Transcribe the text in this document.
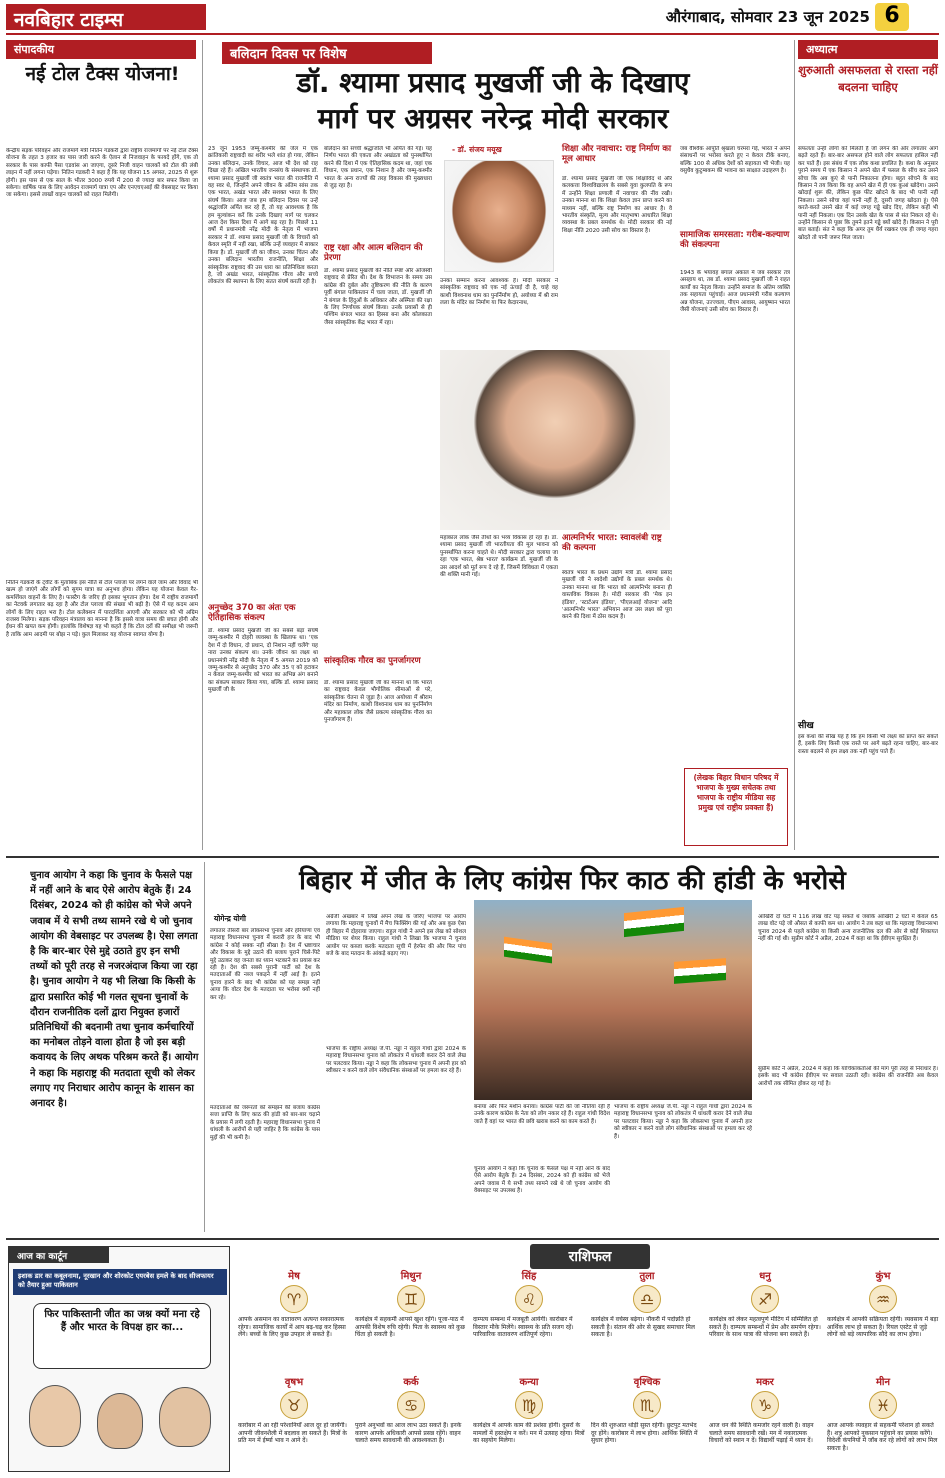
नवबिहार टाइम्स	औरंगाबाद, सोमवार 23 जून 2025 6
संपादकीय
नई टोल टैक्स योजना!
केन्द्रीय सड़क परिवहन और राजमार्ग मंत्री नितिन गडकरी द्वारा राष्ट्रीय राजमार्गों पर नई टोल टैक्स योजना के तहत 3 हजार का पास जारी करने के ऐलान से निजवाहन के फायदे होंगे, एक तो सरकार के पास काफी पैसा एडवांस आ जाएगा, दूसरे निजी वाहन चालकों को टोल की लंबी लाइन में नहीं लगना पड़ेगा। नितिन गडकरी ने कहा है कि यह योजना 15 अगस्त, 2025 से शुरू होगी। इस पास से एक साल के भीतर 3000 रुपये में 200 से ज्यादा बार सफर किया जा सकेगा। वार्षिक पास के लिए आवेदन राजमार्ग यात्रा एप और एनएचएआई की वेबसाइट पर किया जा सकेगा। इससे लाखों वाहन चालकों को राहत मिलेगी।
नितिन गडकरी के ट्वीट के मुताबिक इस नीति से टोल प्लाजा पर लगने वाले जाम और विवाद भी खत्म हो जाएंगे और लोगों को सुगम यात्रा का अनुभव होगा। लेकिन यह योजना केवल गैर-कमर्शियल वाहनों के लिए है। फास्टैग के जरिए ही इसका भुगतान होगा। देश में राष्ट्रीय राजमार्गों का नेटवर्क लगातार बढ़ रहा है और टोल प्लाजा की संख्या भी बढ़ी है। ऐसे में यह कदम आम लोगों के लिए राहत भरा है। टोल कलेक्शन में पारदर्शिता आएगी और सरकार को भी अग्रिम राजस्व मिलेगा। सड़क परिवहन मंत्रालय का मानना है कि इससे यात्रा समय की बचत होगी और ईंधन की खपत कम होगी। हालांकि विशेषज्ञ यह भी कहते हैं कि टोल दरों की समीक्षा भी जरूरी है ताकि आम आदमी पर बोझ न पड़े। कुल मिलाकर यह योजना स्वागत योग्य है।
बलिदान दिवस पर विशेष
डॉ. श्यामा प्रसाद मुखर्जी जी के दिखाए
मार्ग पर अग्रसर नरेन्द्र मोदी सरकार
23 जून 1953 जम्मू-कश्मीर की जेल में एक क्रांतिकारी राष्ट्रवादी का शरीर भले शांत हो गया, लेकिन उनका बलिदान, उनके विचार, आज भी देश को राह दिखा रहे हैं। अखिल भारतीय जनसंघ के संस्थापक डॉ. श्यामा प्रसाद मुखर्जी जी स्वतंत्र भारत की राजनीति में वह स्वर थे, जिन्होंने अपने जीवन के अंतिम सांस तक एक भारत, अखंड भारत और सशक्त भारत के लिए संघर्ष किया। आज जब हम बलिदान दिवस पर उन्हें श्रद्धांजलि अर्पित कर रहे हैं, तो यह आवश्यक है कि हम मूल्यांकन करें कि उनके दिखाए मार्ग पर चलकर आज देश किस दिशा में आगे बढ़ रहा है। पिछले 11 वर्षों में प्रधानमंत्री नरेंद्र मोदी के नेतृत्व में भाजपा सरकार ने डॉ. श्यामा प्रसाद मुखर्जी जी के विचारों को केवल स्मृति में नहीं रखा, बल्कि उन्हें व्यवहार में साकार किया है। डॉ. मुखर्जी जी का जीवन, उनका चिंतन और उनका बलिदान भारतीय राजनीति, शिक्षा और सांस्कृतिक राष्ट्रवाद की उस धारा का प्रतिनिधित्व करता है, जो अखंड भारत, सांस्कृतिक गौरव और सच्चे लोकतंत्र की स्थापना के लिए सतत संघर्ष करती रही है।
अनुच्छेद 370 का अंतः एक ऐतिहासिक संकल्प
डॉ. श्यामा प्रसाद मुखर्जी जी का सबसे बड़ा संघर्ष जम्मू-कश्मीर में दोहरी व्यवस्था के खिलाफ था। 'एक देश में दो विधान, दो प्रधान, दो निशान नहीं चलेंगे' यह नारा उनका संकल्प था। उनके जीवन का लक्ष्य था प्रधानमंत्री नरेंद्र मोदी के नेतृत्व में 5 अगस्त 2019 को जम्मू-कश्मीर से अनुच्छेद 370 और 35 ए को हटाकर न केवल जम्मू-कश्मीर को भारत का अभिन्न अंग बनाने का संकल्प साकार किया गया, बल्कि डॉ. श्यामा प्रसाद मुखर्जी जी के
बलिदान को सच्ची श्रद्धांजलि भी अर्पित की गई। यह निर्णय भारत की एकता और अखंडता को पुनर्स्थापित करने की दिशा में एक ऐतिहासिक कदम था, जहां एक विधान, एक प्रधान, एक निशान है और जम्मू-कश्मीर भारत के अन्य राज्यों की तरह विकास की मुख्यधारा से जुड़ रहा है।
राष्ट्र रक्षा और आत्म बलिदान की प्रेरणा
डॉ. श्यामा प्रसाद मुखर्जी की नीति स्पष्ट और ओजस्वी राष्ट्रवाद से प्रेरित थी। देश के विभाजन के समय उस कांग्रेस की दुर्बल और तुष्टिकरण की नीति के कारण पूर्वी बंगाल पाकिस्तान में चला जाता, डॉ. मुखर्जी जी ने बंगाल के हिंदुओं के अधिकार और अस्मिता की रक्षा के लिए निर्णायक संघर्ष किया। उनके प्रयासों से ही पश्चिम बंगाल भारत का हिस्सा बना और कोलकाता जैसा सांस्कृतिक केंद्र भारत में रहा।
सांस्कृतिक गौरव का पुनर्जागरण
डॉ. श्यामा प्रसाद मुखर्जी जी का मानना था कि भारत का राष्ट्रवाद केवल भौगोलिक सीमाओं से परे, सांस्कृतिक चेतना से जुड़ा है। आज अयोध्या में श्रीराम मंदिर का निर्माण, काशी विश्वनाथ धाम का पुनर्निर्माण और महाकाल लोक जैसे प्रकल्प सांस्कृतिक गौरव का पुनर्जागरण हैं।
- डॉ. संजय मयूख
उनका सम्मान करना आवश्यक है। मोदी सरकार ने सांस्कृतिक राष्ट्रवाद को एक नई ऊंचाई दी है, चाहे वह काशी विश्वनाथ धाम का पुनर्निर्माण हो, अयोध्या में श्री राम लला के मंदिर का निर्माण या फिर केदारनाथ,
शिक्षा और नवाचार: राष्ट्र निर्माण का मूल आधार
डॉ. श्यामा प्रसाद मुखर्जी जी एक शिक्षाविद थे और कलकत्ता विश्वविद्यालय के सबसे युवा कुलपति के रूप में उन्होंने शिक्षा प्रणाली में नवाचार की नींव रखी। उनका मानना था कि शिक्षा केवल ज्ञान प्राप्त करने का माध्यम नहीं, बल्कि राष्ट्र निर्माण का आधार है। वे भारतीय संस्कृति, मूल्य और मातृभाषा आधारित शिक्षा व्यवस्था के प्रबल समर्थक थे। मोदी सरकार की नई शिक्षा नीति 2020 उसी सोच का विस्तार है।
महाकाल लोक जैसे तीर्थों का भव्य विकास हो रहा है। डॉ. श्यामा प्रसाद मुखर्जी जी भारतीयता की मूल भावना को पुनर्स्थापित करना चाहते थे। मोदी सरकार द्वारा चलाया जा रहा 'एक भारत, श्रेष्ठ भारत' कार्यक्रम डॉ. मुखर्जी जी के उस आदर्श को मूर्त रूप दे रहे हैं, जिसमें विविधता में एकता की शक्ति मानी गई।
आत्मनिर्भर भारत: स्वावलंबी राष्ट्र की कल्पना
स्वतंत्र भारत के प्रथम उद्योग मंत्री डॉ. श्यामा प्रसाद मुखर्जी जी ने स्वदेशी उद्योगों के प्रबल समर्थक थे। उनका मानना था कि भारत को आत्मनिर्भर बनाना ही वास्तविक विकास है। मोदी सरकार की 'मेक इन इंडिया', 'स्टार्टअप इंडिया', 'पीएलआई योजना' आदि 'आत्मनिर्भर भारत' अभियान आज उस लक्ष्य को पूरा करने की दिशा में ठोस कदम हैं।
जब वैश्विक आपूर्ति श्रृंखला चरमरा गई, भारत ने अपने संसाधनों पर भरोसा करते हुए न केवल टीके बनाए, बल्कि 100 से अधिक देशों को सहायता भी भेजी। यह वसुधैव कुटुम्बकम की भावना का साक्षात उदाहरण है।
सामाजिक समरसता: गरीब-कल्याण की संकल्पना
1943 के भयावह बंगाल अकाल में जब सरकार तंत्र असहाय था, तब डॉ. श्यामा प्रसाद मुखर्जी जी ने राहत कार्यों का नेतृत्व किया। उन्होंने समाज के अंतिम व्यक्ति तक सहायता पहुंचाई। आज प्रधानमंत्री गरीब कल्याण अन्न योजना, उज्ज्वला, पीएम आवास, आयुष्मान भारत जैसी योजनाएं उसी सोच का विस्तार हैं।
(लेखक बिहार विधान परिषद में भाजपा के मुख्य सचेतक तथा भाजपा के राष्ट्रीय मीडिया सह प्रमुख एवं राष्ट्रीय प्रवक्ता हैं)
अध्यात्म
शुरुआती असफलता से रास्ता नहीं बदलना चाहिए
सफलता उन्हीं लोगों को मिलती है जो लगन की ओर लगातार आगे बढ़ते रहते हैं। बार-बार असफल होने वाले लोग सफलता हासिल नहीं कर पाते हैं। इस संबंध में एक लोक कथा प्रचलित है। कथा के अनुसार पुराने समय में एक किसान ने अपने खेत में फसल के सींच कर उसने सोचा कि अब कुएं से पानी निकालना होगा। बहुत सोचने के बाद किसान ने तय किया कि वह अपने खेत में ही एक कुआं खोदेगा। उसने खोदाई शुरू की, लेकिन कुछ फीट खोदने के बाद भी पानी नहीं निकला। उसने सोचा यहां पानी नहीं है, दूसरी जगह खोदता हूं। ऐसे करते-करते उसने खेत में कई जगह गड्ढे खोद दिए, लेकिन कहीं भी पानी नहीं निकला। एक दिन उसके खेत के पास से संत निकल रहे थे। उन्होंने किसान से पूछा कि तुमने इतने गड्ढे क्यों खोदे हैं। किसान ने पूरी बात बताई। संत ने कहा कि अगर तुम धैर्य रखकर एक ही जगह गहरा खोदते तो पानी जरूर मिल जाता।
सीख
इस कथा की सीख यह है कि हम किसी भी लक्ष्य को प्राप्त कर सकते हैं, इसके लिए किसी एक रास्ते पर आगे बढ़ते रहना चाहिए, बार-बार रास्ता बदलने से हम लक्ष्य तक नहीं पहुंच पाते हैं।
चुनाव आयोग ने कहा कि चुनाव के फैसले पक्ष में नहीं आने के बाद ऐसे आरोप बेतुके हैं। 24 दिसंबर, 2024 को ही कांग्रेस को भेजे अपने जवाब में ये सभी तथ्य सामने रखे थे जो चुनाव आयोग की वेबसाइट पर उपलब्ध है। ऐसा लगता है कि बार-बार ऐसे मुद्दे उठाते हुए इन सभी तथ्यों को पूरी तरह से नजरअंदाज किया जा रहा है। चुनाव आयोग ने यह भी लिखा कि किसी के द्वारा प्रसारित कोई भी गलत सूचना चुनावों के दौरान राजनीतिक दलों द्वारा नियुक्त हजारों प्रतिनिधियों की बदनामी तथा चुनाव कर्मचारियों का मनोबल तोड़ने वाला होता है जो इस बड़ी कवायद के लिए अथक परिश्रम करते हैं। आयोग ने कहा कि महाराष्ट्र की मतदाता सूची को लेकर लगाए गए निराधार आरोप कानून के शासन का अनादर है।
बिहार में जीत के लिए कांग्रेस फिर काठ की हांडी के भरोसे
योगेन्द्र योगी
लगातार तीसरी बार लोकसभा चुनाव और हरियाणा एवं महाराष्ट्र विधानसभा चुनाव में करारी हार के बाद भी कांग्रेस ने कोई सबक नहीं सीखा है। देश में भ्रष्टाचार और विकास के मुद्दे उठाने की बजाय पुराने घिसे-पिटे मुद्दे उठाकर वह जनता का ध्यान भटकाने का प्रयास कर रही है। देश की सबसे पुरानी पार्टी को देश के मतदाताओं की नब्ज पकड़ने में नहीं आई है। इतने चुनाव हारने के बाद भी कांग्रेस को यह समझ नहीं आया कि वोटर देश के मतदाता पर भरोसा क्यों नहीं कर रहे।
मतदाताओं की जरूरतों को समझने की बजाय कांग्रेस सत्ता प्राप्ति के लिए काठ की हांडी को बार-बार चढ़ाने के प्रयास में लगी रहती है। महाराष्ट्र विधानसभा चुनाव में धांधली के आरोपों से यही जाहिर है कि कांग्रेस के पास मुद्दों की भी कमी है।
अंग्रेजी अखबार में लिखे अपने लेख के जरिए भाजपा पर आरोप लगाया कि महाराष्ट्र चुनावों में मैच फिक्सिंग की गई और अब कुछ ऐसा ही बिहार में दोहराया जाएगा। राहुल गांधी ने अपने इस लेख को सोशल मीडिया पर शेयर किया। राहुल गांधी ने लिखा कि भाजपा ने चुनाव आयोग पर कब्जा करके मतदाता सूची में हेरफेर की और फिर पांच बजे के बाद मतदान के आंकड़े बढ़ाए गए।
भाजपा के राष्ट्रीय अध्यक्ष जे.पी. नड्डा ने राहुल गांधी द्वारा 2024 के महाराष्ट्र विधानसभा चुनाव को लोकतंत्र में धांधली करार देने वाले लेख पर पलटवार किया। नड्डा ने कहा कि लोकसभा चुनाव में अपनी हार को स्वीकार न करने वाले लोग संवैधानिक संस्थाओं पर हमला कर रहे हैं।
बनाया और फिर मशीन बनाया। कांग्रेस पार्टी की जो नीतियां रही हैं उनके कारण कांग्रेस के नेता को लोग नकार रहे हैं। राहुल गांधी विदेश जाते हैं वहां पर भारत की छवि खराब करने का काम करते हैं।
चुनाव आयोग ने कहा कि चुनाव के फैसले पक्ष में नहीं आने के बाद ऐसे आरोप बेतुके हैं। 24 दिसंबर, 2024 को ही कांग्रेस को भेजे अपने जवाब में ये सभी तथ्य सामने रखे थे जो चुनाव आयोग की वेबसाइट पर उपलब्ध है।
भाजपा के राष्ट्रीय अध्यक्ष जे.पी. नड्डा ने राहुल गांधी द्वारा 2024 के महाराष्ट्र विधानसभा चुनाव को लोकतंत्र में धांधली करार देने वाले लेख पर पलटवार किया। नड्डा ने कहा कि लोकसभा चुनाव में अपनी हार को स्वीकार न करने वाले लोग संवैधानिक संस्थाओं पर हमला कर रहे हैं।
आखिरी दो घंटों में 116 लाख वोट पड़ सकते थे जबकि आखिरी 2 घंटों में केवल 65 लाख वोट पड़े जो औसत से काफी कम था। आयोग ने तब कहा था कि महाराष्ट्र विधानसभा चुनाव 2024 से पहले कांग्रेस या किसी अन्य राजनीतिक दल की ओर से कोई शिकायत नहीं की गई थी। सुप्रीम कोर्ट ने अप्रैल, 2024 में कहा था कि ईवीएम सुरक्षित हैं।
सुप्रीम कोर्ट ने अप्रैल, 2024 में कहा कि याचिकाकर्ताओं की मांग पूरी तरह से निराधार है। इसके बाद भी कांग्रेस ईवीएम पर सवाल उठाती रही। कांग्रेस की राजनीति अब केवल आरोपों तक सीमित होकर रह गई है।
आज का कार्टून
इशाक डार का कबूलनामा, नूरखान और शोरकोट एयरबेस हमले के बाद सीजफायर को तैयार हुआ पाकिस्तान
फिर पाकिस्तानी जीत का जश्न क्यों मना रहे हैं और भारत के विपक्ष हार का...
राशिफल
मेष
♈
आपके असमान का वातावरण अत्यन्त सकारात्मक रहेगा। सामाजिक कार्यों में आप बढ़-चढ़ कर हिस्सा लेंगे। बच्चों के लिए कुछ उपहार ले सकते हैं।
मिथुन
♊
कार्यक्षेत्र में सहकर्मी आपसे खुश रहेंगे। पूजा-पाठ में आपकी विशेष रुचि रहेगी। पिता के स्वास्थ्य को कुछ चिंता हो सकती है।
सिंह
♌
दाम्पत्य सम्बन्ध में मजबूती आयेगी। कारोबार में विस्तार मौके मिलेंगे। स्वास्थ्य के प्रति सजग रहें। पारिवारिक वातावरण शांतिपूर्ण रहेगा।
तुला
♎
कार्यक्षेत्र में वर्चस्व बढ़ेगा। नौकरी में पदोन्नति हो सकती है। संतान की ओर से सुखद समाचार मिल सकता है।
धनु
♐
कार्यक्षेत्र को लेकर महत्वपूर्ण मीटिंग में सम्मिलित हो सकते हैं। दाम्पत्य सम्बन्धों में प्रेम और समर्पण रहेगा। परिवार के साथ यात्रा की योजना बना सकते हैं।
कुंभ
♒
कार्यक्षेत्र में आपकी सक्रियता रहेगी। व्यवसाय में बड़ा आर्थिक लाभ हो सकता है। रियल एस्टेट से जुड़े लोगों को बड़े व्यापारिक सौदे का लाभ होगा।
वृषभ
♉
कारोबार में आ रही परेशानियाँ आज दूर हो जायेंगी। आपनी जीवनशैली में बदलाव ला सकते हैं। मित्रों के प्रति मन में ईर्ष्या भाव न आने दें।
कर्क
♋
पुराने अनुभवों का आज लाभ उठा सकते हैं। इनके कारण आपके अधिकारी आपसे प्रसन्न रहेंगे। वाहन चलाते समय सावधानी की आवश्यकता है।
कन्या
♍
कार्यक्षेत्र में आपके काम की प्रशंसा होगी। दूसरों के मामलों में हस्तक्षेप न करें। मन में उत्साह रहेगा। मित्रों का सहयोग मिलेगा।
वृश्चिक
♏
दिन की शुरुआत थोड़ी सुस्त रहेगी। छुटपुट मतभेद दूर होंगे। कारोबार में लाभ होगा। आर्थिक स्थिति में सुधार होगा।
मकर
♑
आज धन की स्थिति कमजोर रहने वाली है। वाहन चलाते समय सावधानी रखें। मन में नकारात्मक विचारों को स्थान न दें। विद्यार्थी पढ़ाई में ध्यान दें।
मीन
♓
आज आपके व्यवहार से सहकर्मी परेशान हो सकते हैं। शत्रु आपको नुकसान पहुंचाने का प्रयास करेंगे। विदेशी कंपनियों में जॉब कर रहे लोगों को लाभ मिल सकता है।
